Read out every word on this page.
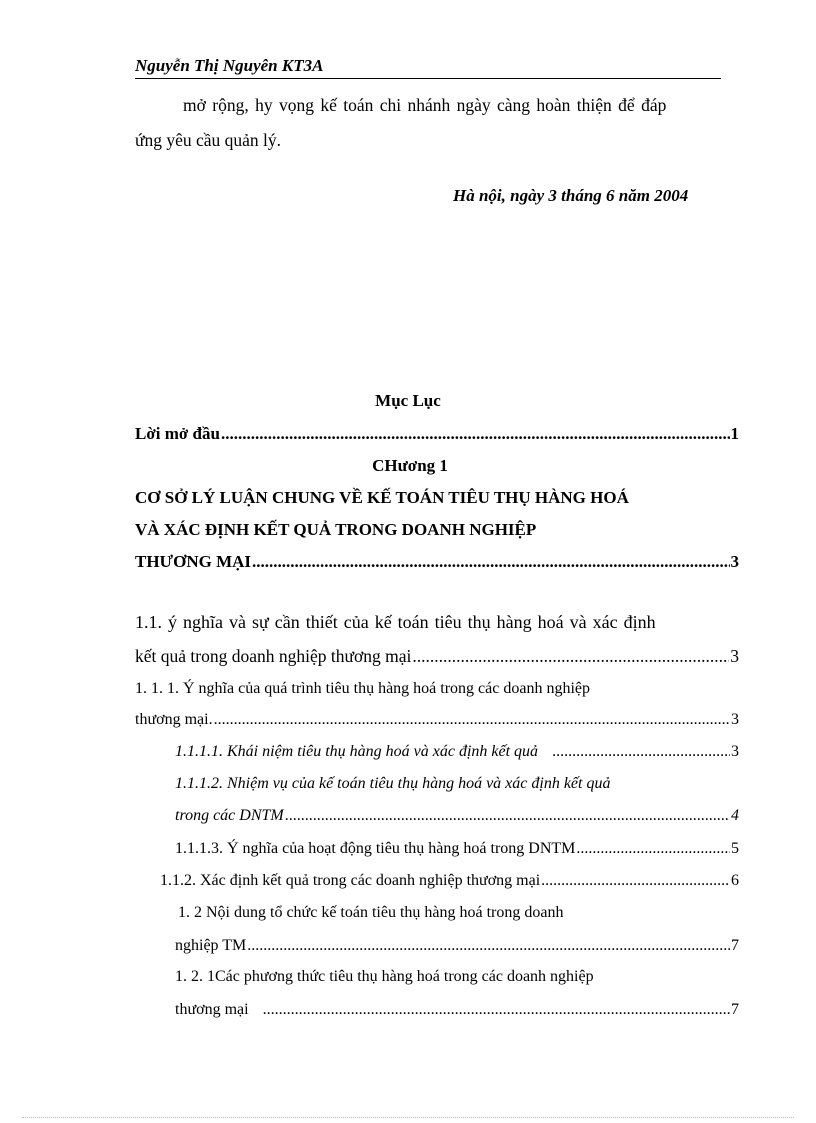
Nguyễn Thị Nguyên KT3A
mở rộng, hy vọng kế toán chi nhánh ngày càng hoàn thiện để đáp
ứng yêu cầu quản lý.
Hà nội, ngày 3 tháng 6 năm 2004
Mục Lục
Lời mở đầu .....	1
CHương 1
CƠ SỞ LÝ LUẬN CHUNG VỀ KẾ TOÁN TIÊU THỤ HÀNG HOÁ
VÀ XÁC ĐỊNH KẾT QUẢ TRONG DOANH NGHIỆP
THƯƠNG MẠI .....	3
1.1. ý nghĩa và sự cần thiết của kế toán tiêu thụ hàng hoá và xác định
kết quả trong doanh nghiệp thương mại .....	3
1. 1. 1. Ý nghĩa của quá trình tiêu thụ hàng hoá trong các doanh nghiệp
thương mại. .....	3
1.1.1.1. Khái niệm tiêu thụ hàng hoá và xác định kết quả .....	3
1.1.1.2. Nhiệm vụ của kế toán tiêu thụ hàng hoá và xác định kết quả
trong các DNTM .....	4
1.1.1.3. Ý nghĩa của hoạt động tiêu thụ hàng hoá trong DNTM .....	5
1.1.2. Xác định kết quả trong các doanh nghiệp thương mại .....	6
1. 2 Nội dung tổ chức kế toán tiêu thụ hàng hoá trong doanh
nghiệp TM .....	7
1. 2. 1Các phương thức tiêu thụ hàng hoá trong các doanh nghiệp
thương mại .....	7
